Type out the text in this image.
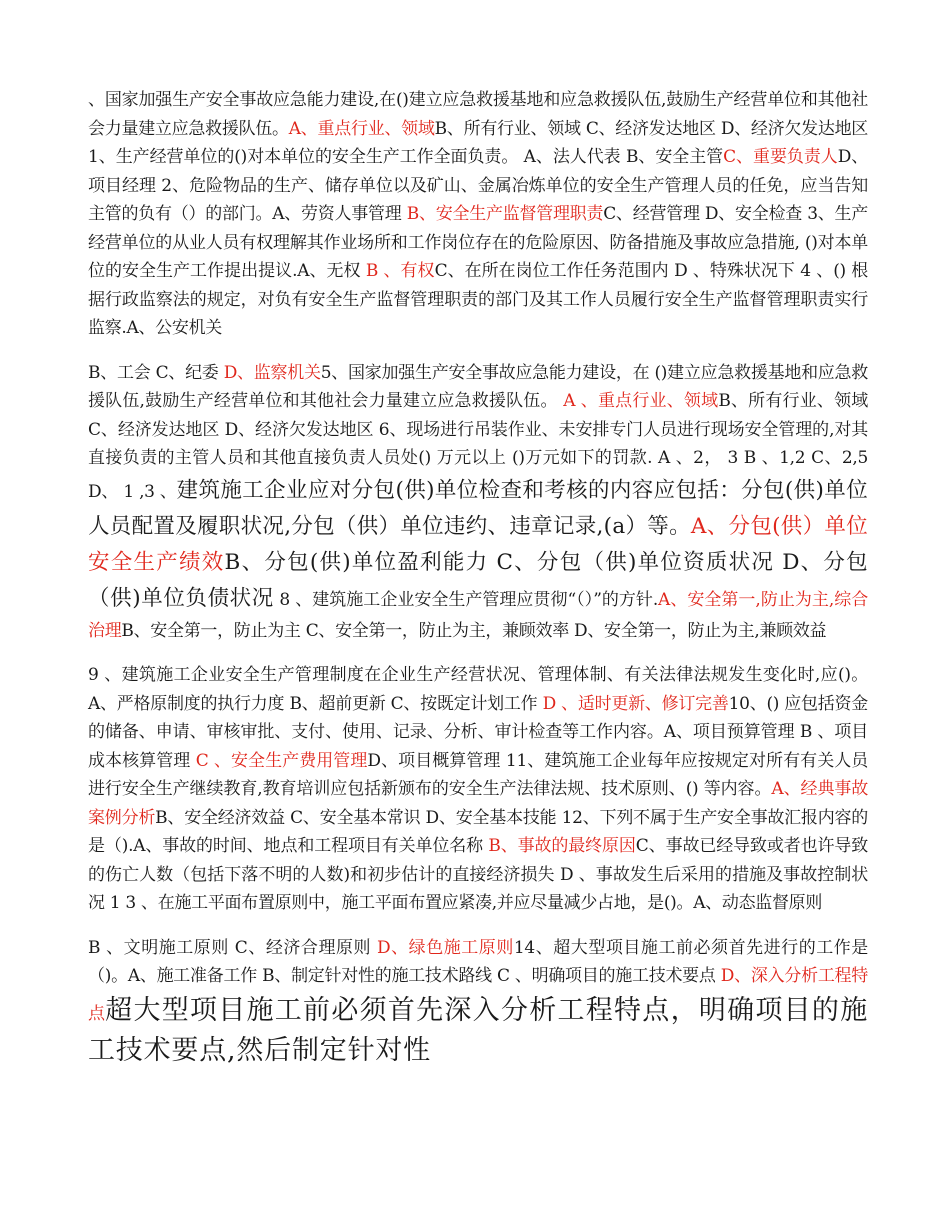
、国家加强生产安全事故应急能力建设,在()建立应急救援基地和应急救援队伍,鼓励生产经营单位和其他社会力量建立应急救援队伍。A、重点行业、领域B、所有行业、领域 C、经济发达地区 D、经济欠发达地区 1、生产经营单位的()对本单位的安全生产工作全面负责。 A、法人代表 B、安全主管C、重要负责人D、项目经理 2、危险物品的生产、储存单位以及矿山、金属冶炼单位的安全生产管理人员的任免，应当告知主管的负有（）的部门。A、劳资人事管理 B、安全生产监督管理职责C、经营管理 D、安全检查 3、生产经营单位的从业人员有权理解其作业场所和工作岗位存在的危险原因、防备措施及事故应急措施, ()对本单位的安全生产工作提出提议.A、无权 B 、有权C、在所在岗位工作任务范围内 D 、特殊状况下 4 、() 根据行政监察法的规定，对负有安全生产监督管理职责的部门及其工作人员履行安全生产监督管理职责实行监察.A、公安机关

B、工会 C、纪委 D、监察机关5、国家加强生产安全事故应急能力建设，在 ()建立应急救援基地和应急救援队伍,鼓励生产经营单位和其他社会力量建立应急救援队伍。 A 、重点行业、领域B、所有行业、领域 C、经济发达地区 D、经济欠发达地区 6、现场进行吊装作业、未安排专门人员进行现场安全管理的,对其直接负责的主管人员和其他直接负责人员处() 万元以上 ()万元如下的罚款. A 、2， 3 B 、1,2 C、2,5 D、 1 ,3 、建筑施工企业应对分包(供)单位检查和考核的内容应包括：分包(供)单位人员配置及履职状况,分包（供）单位违约、违章记录,(a）等。A、分包(供）单位安全生产绩效B、分包(供)单位盈利能力 C、分包（供)单位资质状况 D、分包（供)单位负债状况 8 、建筑施工企业安全生产管理应贯彻“（）”的方针.A、安全第一,防止为主,综合治理B、安全第一，防止为主 C、安全第一，防止为主，兼顾效率 D、安全第一，防止为主,兼顾效益

9 、建筑施工企业安全生产管理制度在企业生产经营状况、管理体制、有关法律法规发生变化时,应()。A、严格原制度的执行力度 B、超前更新 C、按既定计划工作 D 、适时更新、修订完善10、() 应包括资金的储备、申请、审核审批、支付、使用、记录、分析、审计检查等工作内容。A、项目预算管理 B 、项目成本核算管理 C 、安全生产费用管理D、项目概算管理 11、建筑施工企业每年应按规定对所有有关人员进行安全生产继续教育,教育培训应包括新颁布的安全生产法律法规、技术原则、() 等内容。A、经典事故案例分析B、安全经济效益 C、安全基本常识 D、安全基本技能 12、下列不属于生产安全事故汇报内容的是（).A、事故的时间、地点和工程项目有关单位名称 B、事故的最终原因C、事故已经导致或者也许导致的伤亡人数（包括下落不明的人数)和初步估计的直接经济损失 D 、事故发生后采用的措施及事故控制状况 1 3 、在施工平面布置原则中，施工平面布置应紧凑,并应尽量减少占地，是()。A、动态监督原则

B 、文明施工原则 C、经济合理原则 D、绿色施工原则14、超大型项目施工前必须首先进行的工作是（)。A、施工准备工作 B、制定针对性的施工技术路线 C 、明确项目的施工技术要点 D、深入分析工程特点超大型项目施工前必须首先深入分析工程特点，明确项目的施工技术要点,然后制定针对性
